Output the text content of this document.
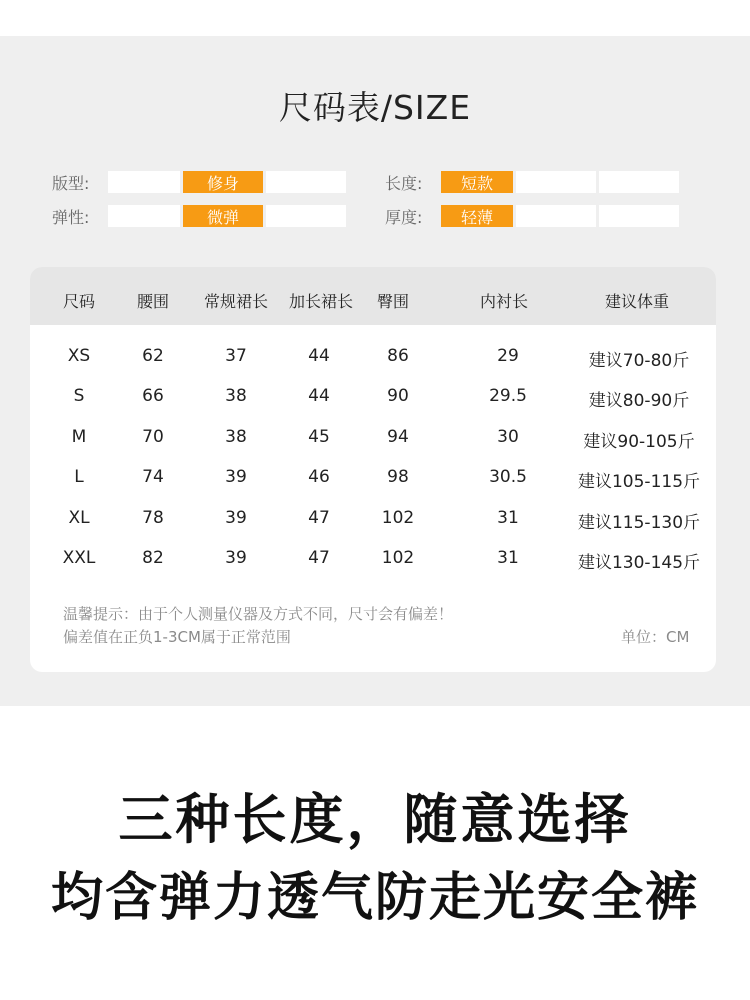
尺码表/SIZE
版型:	修身
弹性:	微弹
长度:	短款
厚度:	轻薄
尺码	腰围 常规裙长 加长裙长 臀围	内衬长	建议体重
XS	62	37	44	86	29	建议70-80斤
S	66	38	44	90	29.5	建议80-90斤
M	70	38	45	94	30	建议90-105斤
L	74	39	46	98	30.5	建议105-115斤
XL	78	39	47	102	31	建议115-130斤
XXL	82	39	47	102	31	建议130-145斤
温馨提示：由于个人测量仪器及方式不同，尺寸会有偏差！
偏差值在正负1-3CM属于正常范围	单位：CM
三种长度，随意选择
均含弹力透气防走光安全裤
